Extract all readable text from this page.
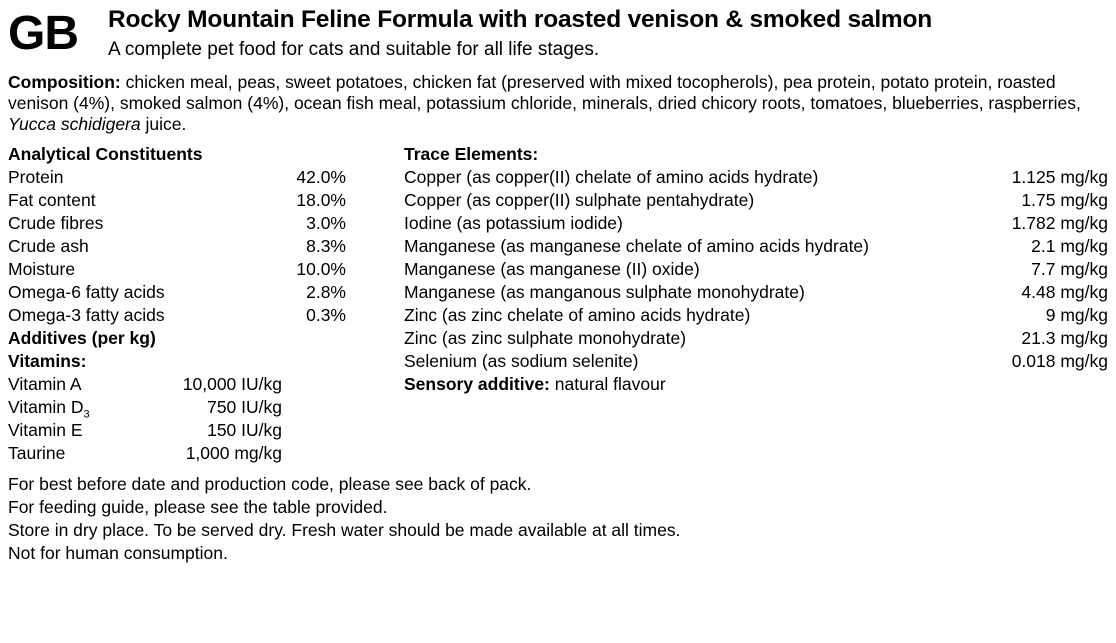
GB	Rocky Mountain Feline Formula with roasted venison & smoked salmon

A complete pet food for cats and suitable for all life stages.

Composition: chicken meal, peas, sweet potatoes, chicken fat (preserved with mixed tocopherols), pea protein, potato protein, roasted venison (4%), smoked salmon (4%), ocean fish meal, potassium chloride, minerals, dried chicory roots, tomatoes, blueberries, raspberries, Yucca schidigera juice.
Analytical Constituents
Protein	42.0%
Fat content	18.0%
Crude fibres	3.0%
Crude ash	8.3%
Moisture	10.0%
Omega-6 fatty acids	2.8%
Omega-3 fatty acids	0.3%
Additives (per kg)
Vitamins:
Vitamin A	10,000 IU/kg
Vitamin $D_3$	750 IU/kg
Vitamin E	150 IU/kg
Taurine	1,000 mg/kg
Trace Elements:
Copper (as copper(II) chelate of amino acids hydrate)	1.125 mg/kg
Copper (as copper(II) sulphate pentahydrate)	1.75 mg/kg
Iodine (as potassium iodide)	1.782 mg/kg
Manganese (as manganese chelate of amino acids hydrate)	2.1 mg/kg
Manganese (as manganese (II) oxide)	7.7 mg/kg
Manganese (as manganous sulphate monohydrate)	4.48 mg/kg
Zinc (as zinc chelate of amino acids hydrate)	9 mg/kg
Zinc (as zinc sulphate monohydrate)	21.3 mg/kg
Selenium (as sodium selenite)	0.018 mg/kg
Sensory additive: natural flavour
For best before date and production code, please see back of pack.
For feeding guide, please see the table provided.
Store in dry place. To be served dry. Fresh water should be made available at all times.
Not for human consumption.
